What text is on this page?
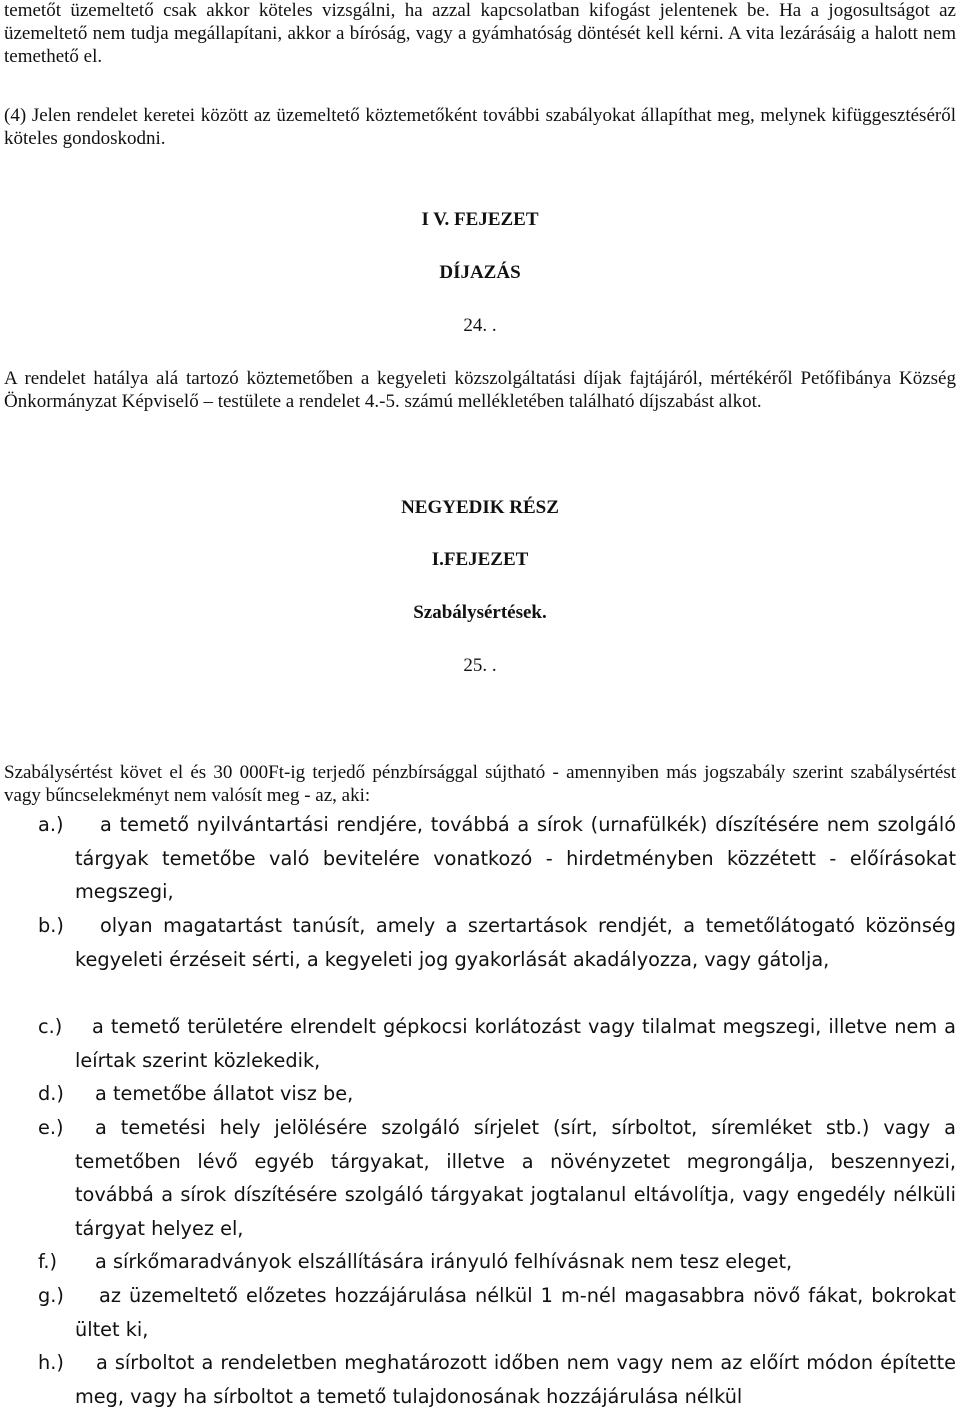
temetőt üzemeltető csak akkor köteles vizsgálni, ha azzal kapcsolatban kifogást jelentenek be. Ha a jogosultságot az üzemeltető nem tudja megállapítani, akkor a bíróság, vagy a gyámhatóság döntését kell kérni. A vita lezárásáig a halott nem temethető el.

(4) Jelen rendelet keretei között az üzemeltető köztemetőként további szabályokat állapíthat meg, melynek kifüggesztéséről köteles gondoskodni.

I V. FEJEZET

DÍJAZÁS

24. .

A rendelet hatálya alá tartozó köztemetőben a kegyeleti közszolgáltatási díjak fajtájáról, mértékéről Petőfibánya Község Önkormányzat Képviselő – testülete a rendelet 4.-5. számú mellékletében található díjszabást alkot.

NEGYEDIK RÉSZ

I.FEJEZET

Szabálysértések.

25. .

Szabálysértést követ el és 30 000Ft-ig terjedő pénzbírsággal sújtható - amennyiben más jogszabály szerint szabálysértést vagy bűncselekményt nem valósít meg - az, aki:

a.)	a temető nyilvántartási rendjére, továbbá a sírok (urnafülkék) díszítésére nem szolgáló tárgyak temetőbe való bevitelére vonatkozó - hirdetményben közzétett - előírásokat megszegi,
b.)	olyan magatartást tanúsít, amely a szertartások rendjét, a temetőlátogató közönség kegyeleti érzéseit sérti, a kegyeleti jog gyakorlását akadályozza, vagy gátolja,
c.)	a temető területére elrendelt gépkocsi korlátozást vagy tilalmat megszegi, illetve nem a leírtak szerint közlekedik,
d.)	a temetőbe állatot visz be,
e.)	a temetési hely jelölésére szolgáló sírjelet (sírt, sírboltot, síremléket stb.) vagy a temetőben lévő egyéb tárgyakat, illetve a növényzetet megrongálja, beszennyezi, továbbá a sírok díszítésére szolgáló tárgyakat jogtalanul eltávolítja, vagy engedély nélküli tárgyat helyez el,
f.)	a sírkőmaradványok elszállítására irányuló felhívásnak nem tesz eleget,
g.)	az üzemeltető előzetes hozzájárulása nélkül 1 m-nél magasabbra növő fákat, bokrokat ültet ki,
h.)	a sírboltot a rendeletben meghatározott időben nem vagy nem az előírt módon építette meg, vagy ha sírboltot a temető tulajdonosának hozzájárulása nélkül
